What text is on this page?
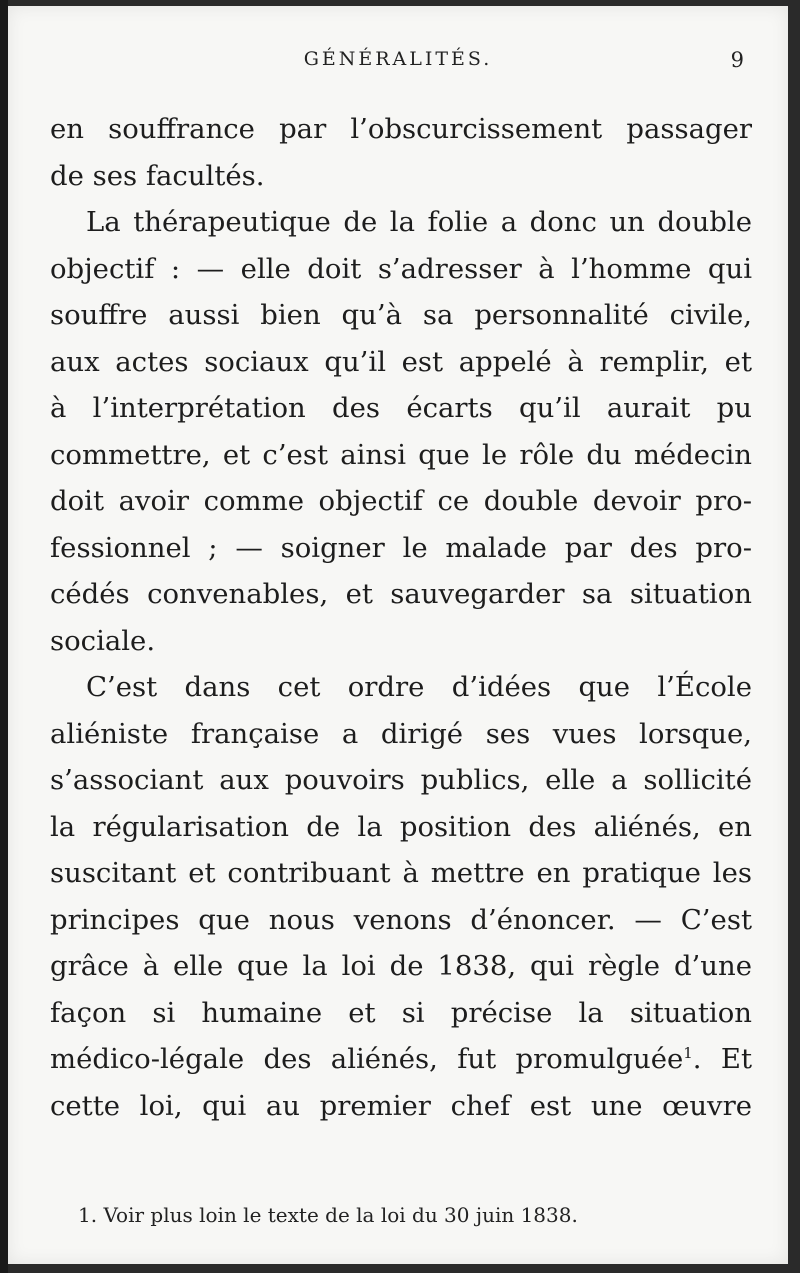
GÉNÉRALITÉS.	9
en souffrance par l’obscurcissement passager
de ses facultés.
La thérapeutique de la folie a donc un double
objectif : — elle doit s’adresser à l’homme qui
souffre aussi bien qu’à sa personnalité civile,
aux actes sociaux qu’il est appelé à remplir, et
à l’interprétation des écarts qu’il aurait pu
commettre, et c’est ainsi que le rôle du médecin
doit avoir comme objectif ce double devoir pro-
fessionnel ; — soigner le malade par des pro-
cédés convenables, et sauvegarder sa situation
sociale.
C’est dans cet ordre d’idées que l’École
aliéniste française a dirigé ses vues lorsque,
s’associant aux pouvoirs publics, elle a sollicité
la régularisation de la position des aliénés, en
suscitant et contribuant à mettre en pratique les
principes que nous venons d’énoncer. — C’est
grâce à elle que la loi de 1838, qui règle d’une
façon si humaine et si précise la situation
médico-légale des aliénés, fut promulguée$^1$. Et
cette loi, qui au premier chef est une œuvre
1. Voir plus loin le texte de la loi du 30 juin 1838.
